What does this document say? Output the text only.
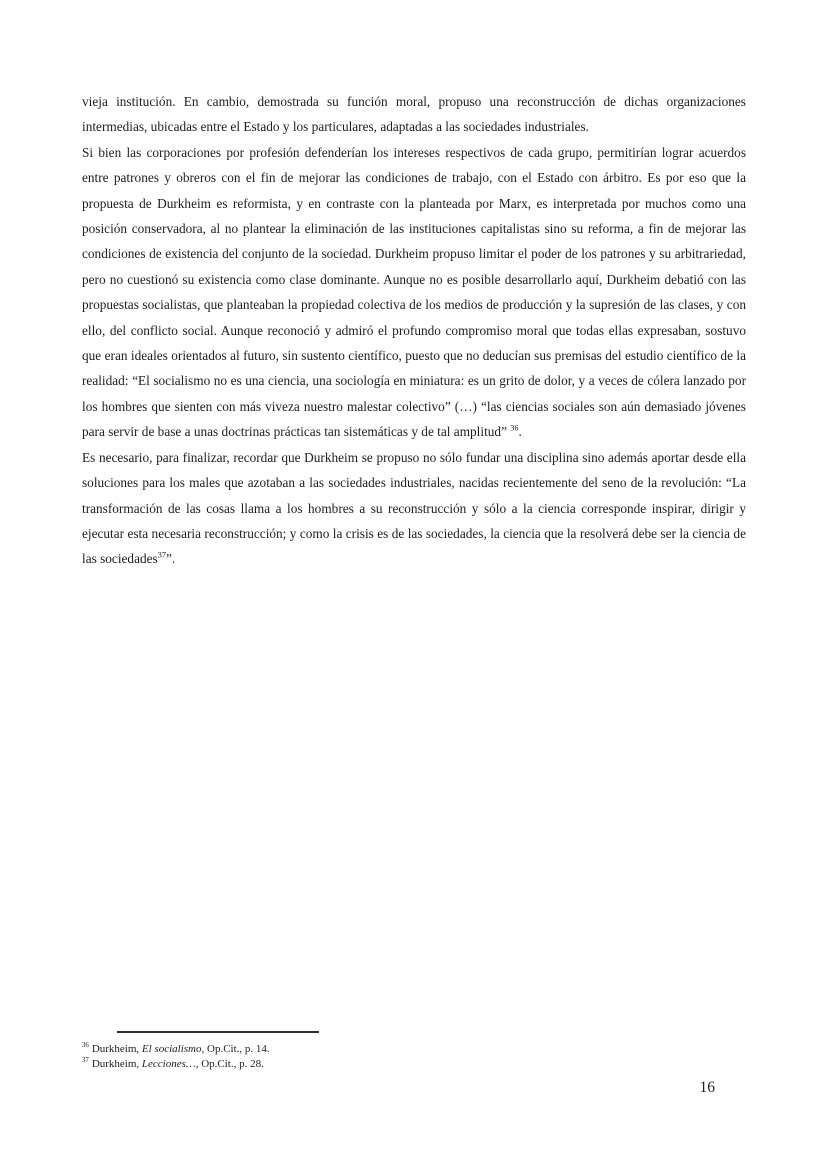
vieja institución. En cambio, demostrada su función moral, propuso una reconstrucción de dichas organizaciones intermedias, ubicadas entre el Estado y los particulares, adaptadas a las sociedades industriales.

Si bien las corporaciones por profesión defenderían los intereses respectivos de cada grupo, permitirían lograr acuerdos entre patrones y obreros con el fin de mejorar las condiciones de trabajo, con el Estado con árbitro. Es por eso que la propuesta de Durkheim es reformista, y en contraste con la planteada por Marx, es interpretada por muchos como una posición conservadora, al no plantear la eliminación de las instituciones capitalistas sino su reforma, a fin de mejorar las condiciones de existencia del conjunto de la sociedad. Durkheim propuso limitar el poder de los patrones y su arbitrariedad, pero no cuestionó su existencia como clase dominante. Aunque no es posible desarrollarlo aquí, Durkheim debatió con las propuestas socialistas, que planteaban la propiedad colectiva de los medios de producción y la supresión de las clases, y con ello, del conflicto social. Aunque reconoció y admiró el profundo compromiso moral que todas ellas expresaban, sostuvo que eran ideales orientados al futuro, sin sustento científico, puesto que no deducían sus premisas del estudio científico de la realidad: “El socialismo no es una ciencia, una sociología en miniatura: es un grito de dolor, y a veces de cólera lanzado por los hombres que sienten con más viveza nuestro malestar colectivo” (…) “las ciencias sociales son aún demasiado jóvenes para servir de base a unas doctrinas prácticas tan sistemáticas y de tal amplitud” $^{36}$.

Es necesario, para finalizar, recordar que Durkheim se propuso no sólo fundar una disciplina sino además aportar desde ella soluciones para los males que azotaban a las sociedades industriales, nacidas recientemente del seno de la revolución: “La transformación de las cosas llama a los hombres a su reconstrucción y sólo a la ciencia corresponde inspirar, dirigir y ejecutar esta necesaria reconstrucción; y como la crisis es de las sociedades, la ciencia que la resolverá debe ser la ciencia de las sociedades$^{37}$”.

$^{36}$ Durkheim, El socialismo, Op.Cit., p. 14.
$^{37}$ Durkheim, Lecciones…, Op.Cit., p. 28.
16
